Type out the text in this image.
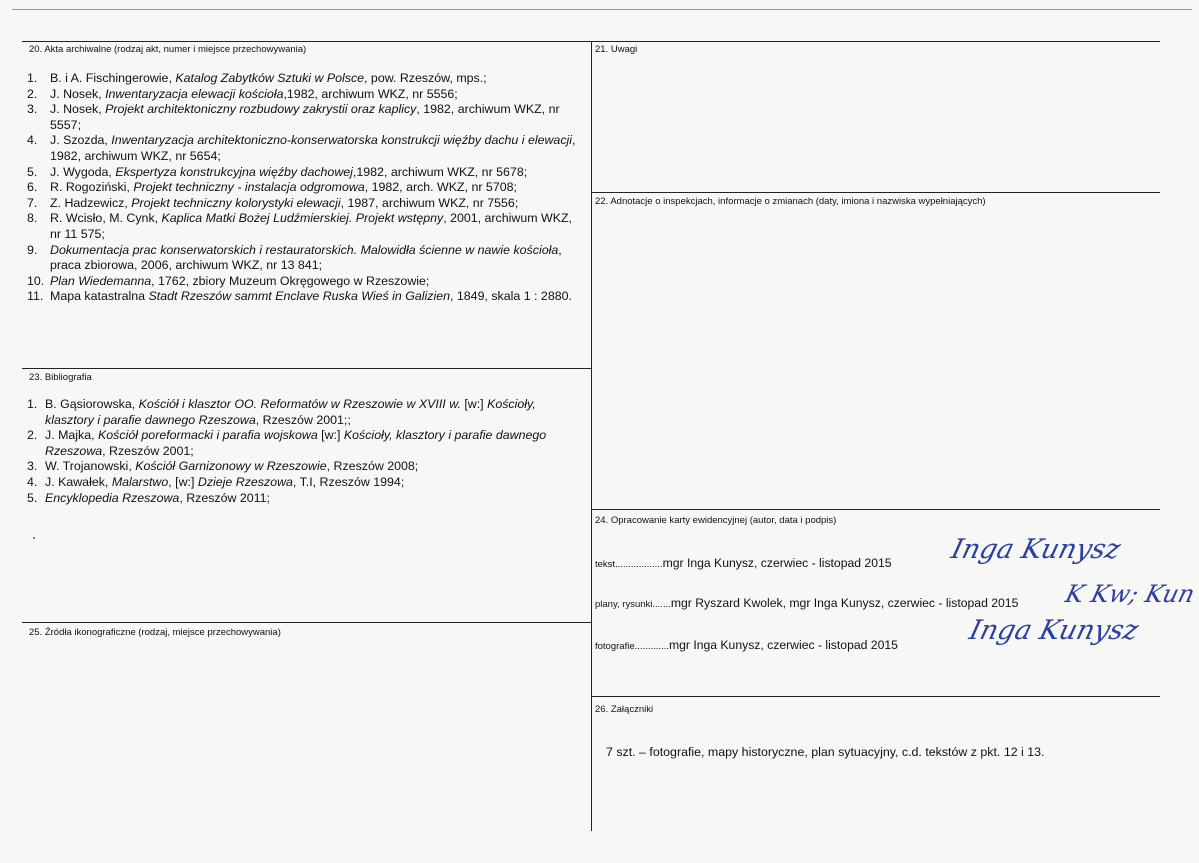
20. Akta archiwalne (rodzaj akt, numer i miejsce przechowywania)
1. B. i A. Fischingerowie, Katalog Zabytków Sztuki w Polsce, pow. Rzeszów, mps.;
2. J. Nosek, Inwentaryzacja elewacji kościoła,1982, archiwum WKZ, nr 5556;
3. J. Nosek, Projekt architektoniczny rozbudowy zakrystii oraz kaplicy, 1982, archiwum WKZ, nr 5557;
4. J. Szozda, Inwentaryzacja architektoniczno-konserwatorska konstrukcji więźby dachu i elewacji, 1982, archiwum WKZ, nr 5654;
5. J. Wygoda, Ekspertyza konstrukcyjna więźby dachowej,1982, archiwum WKZ, nr 5678;
6. R. Rogoziński, Projekt techniczny - instalacja odgromowa, 1982, arch. WKZ, nr 5708;
7. Z. Hadzewicz, Projekt techniczny kolorystyki elewacji, 1987, archiwum WKZ, nr 7556;
8. R. Wcisło, M. Cynk, Kaplica Matki Bożej Ludźmierskiej. Projekt wstępny, 2001, archiwum WKZ, nr 11 575;
9. Dokumentacja prac konserwatorskich i restauratorskich. Malowidła ścienne w nawie kościoła, praca zbiorowa, 2006, archiwum WKZ, nr 13 841;
10. Plan Wiedemanna, 1762, zbiory Muzeum Okręgowego w Rzeszowie;
11. Mapa katastralna Stadt Rzeszów sammt Enclave Ruska Wieś in Galizien, 1849, skala 1 : 2880.
21. Uwagi
22. Adnotacje o inspekcjach, informacje o zmianach (daty, imiona i nazwiska wypełniających)
23. Bibliografia
1. B. Gąsiorowska, Kościół i klasztor OO. Reformatów w Rzeszowie w XVIII w. [w:] Kościoły, klasztory i parafie dawnego Rzeszowa, Rzeszów 2001;;
2. J. Majka, Kościół poreformacki i parafia wojskowa [w:] Kościoły, klasztory i parafie dawnego Rzeszowa, Rzeszów 2001;
3. W. Trojanowski, Kościół Garnizonowy w Rzeszowie, Rzeszów 2008;
4. J. Kawałek, Malarstwo, [w:] Dzieje Rzeszowa, T.I, Rzeszów 1994;
5. Encyklopedia Rzeszowa, Rzeszów 2011;
24. Opracowanie karty ewidencyjnej (autor, data i podpis)
tekst..................mgr Inga Kunysz, czerwiec - listopad 2015 Inga Kunysz
plany, rysunki.......mgr Ryszard Kwolek, mgr Inga Kunysz, czerwiec - listopad 2015 K Kw; Kun
fotografie.............mgr Inga Kunysz, czerwiec - listopad 2015	Inga Kunysz
25. Źródła ikonograficzne (rodzaj, miejsce przechowywania)
26. Załączniki
7 szt. – fotografie, mapy historyczne, plan sytuacyjny, c.d. tekstów z pkt. 12 i 13.
